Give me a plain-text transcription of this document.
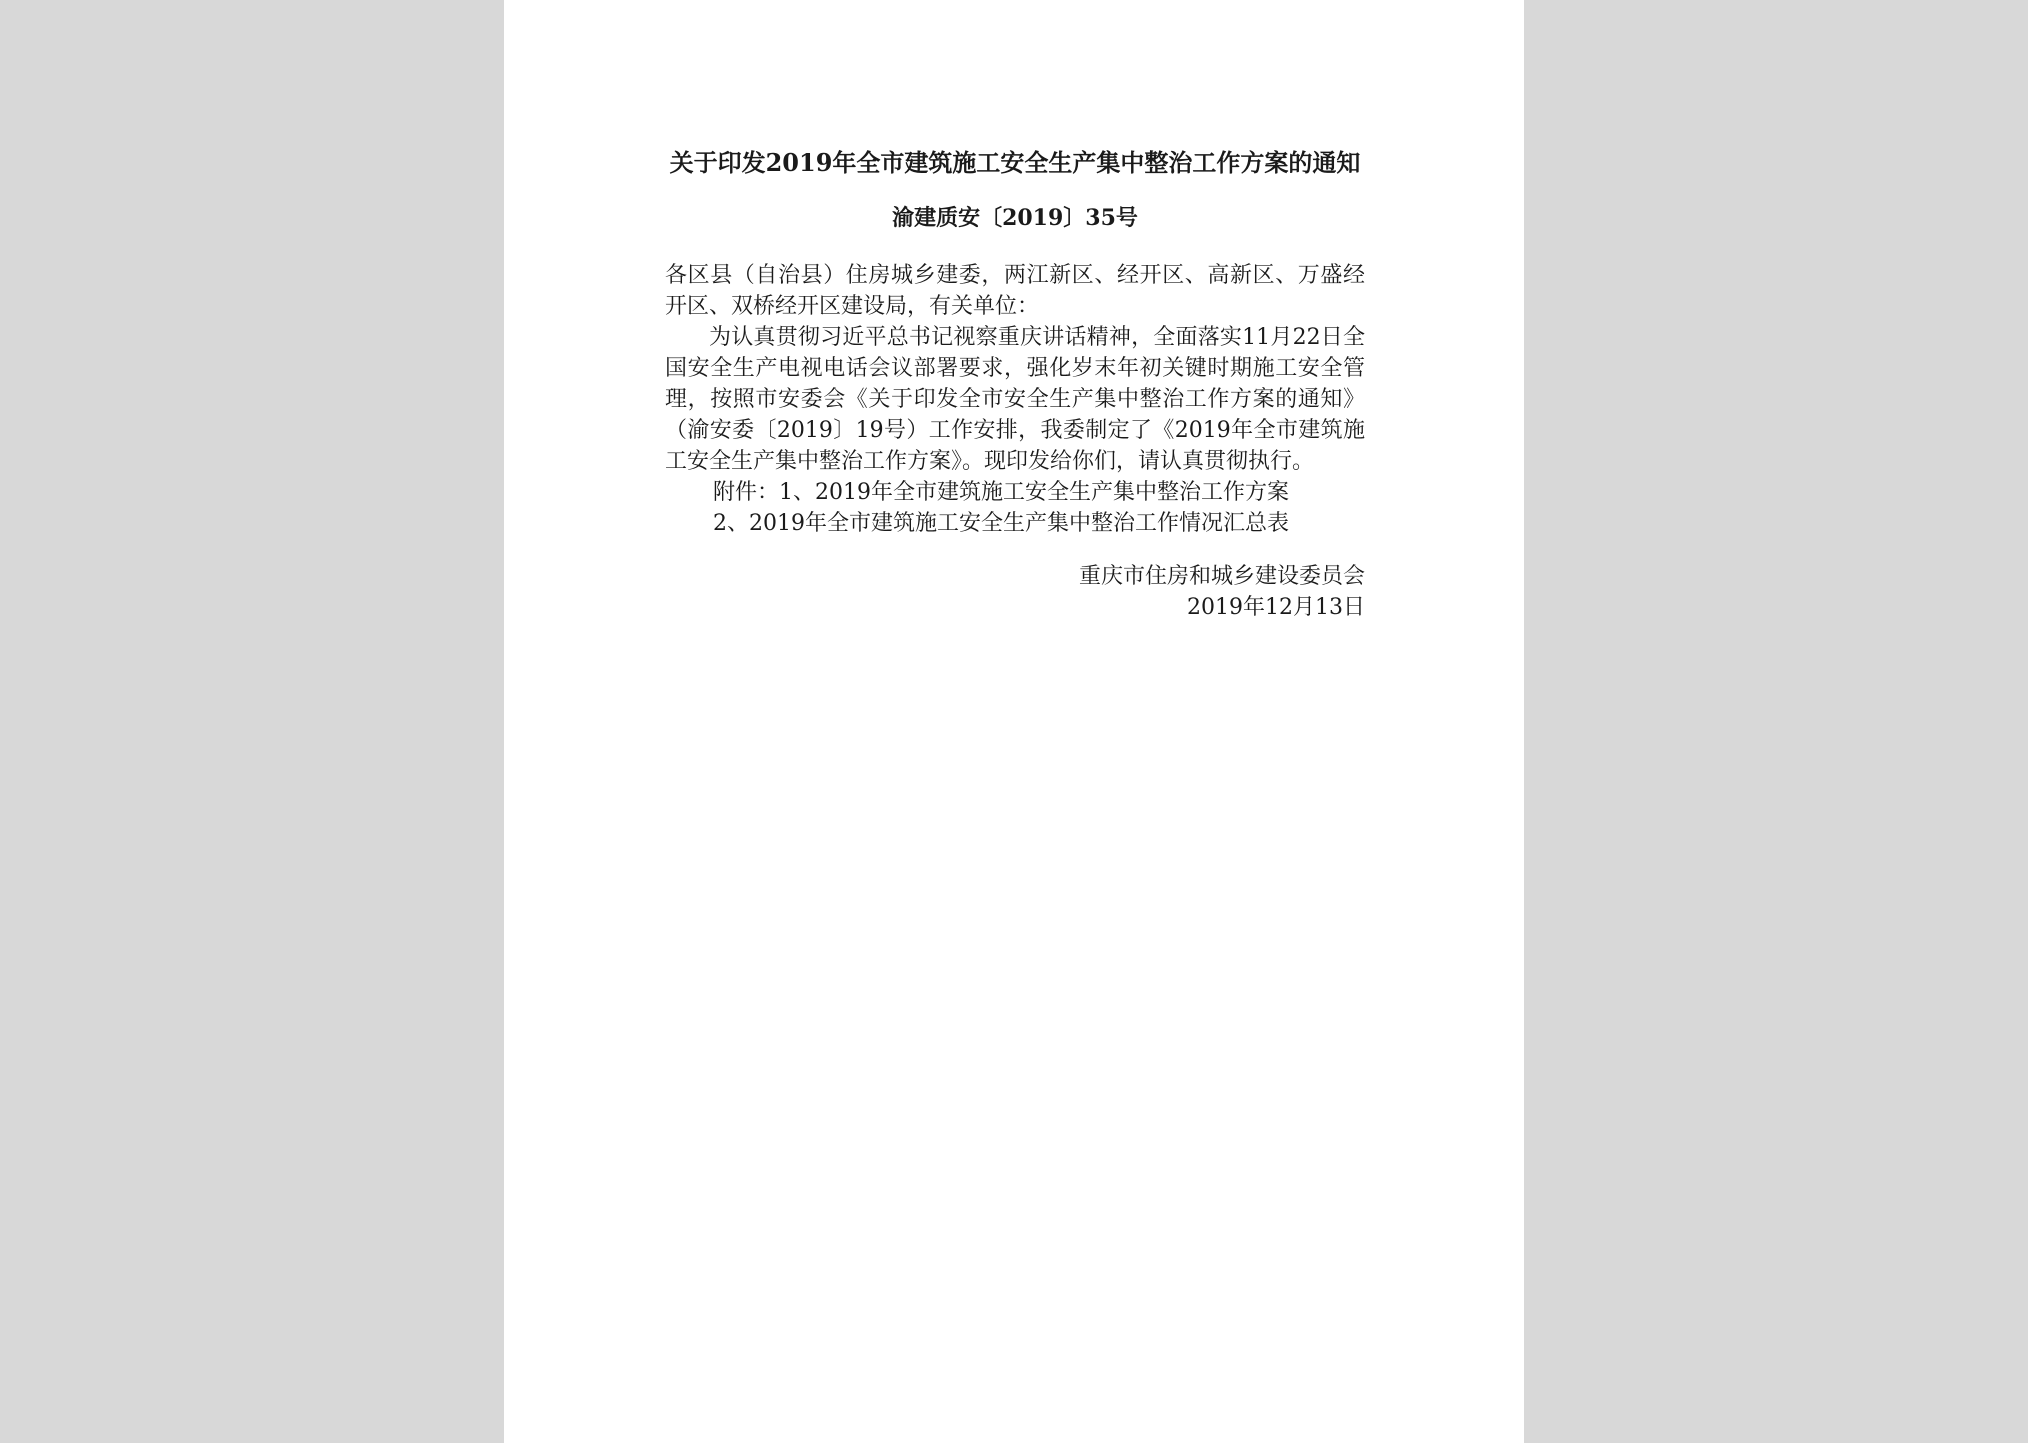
关于印发2019年全市建筑施工安全生产集中整治工作方案的通知
渝建质安〔2019〕35号

各区县（自治县）住房城乡建委，两江新区、经开区、高新区、万盛经开区、双桥经开区建设局，有关单位：

为认真贯彻习近平总书记视察重庆讲话精神，全面落实11月22日全国安全生产电视电话会议部署要求，强化岁末年初关键时期施工安全管理，按照市安委会《关于印发全市安全生产集中整治工作方案的通知》（渝安委〔2019〕19号）工作安排，我委制定了《2019年全市建筑施工安全生产集中整治工作方案》。现印发给你们，请认真贯彻执行。

附件：1、2019年全市建筑施工安全生产集中整治工作方案
2、2019年全市建筑施工安全生产集中整治工作情况汇总表
重庆市住房和城乡建设委员会
2019年12月13日
